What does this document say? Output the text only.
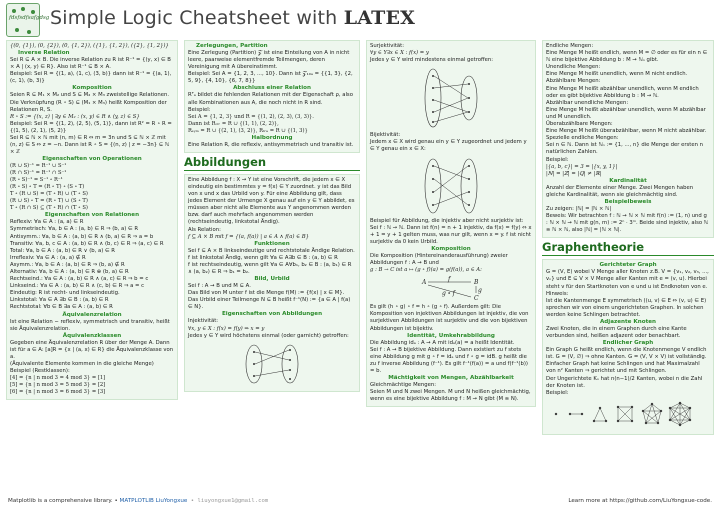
fdsfsdfsafgdsg Simple Logic Cheatsheet with LATEX

{(0, {1}), (0, {2}), (0, {1, 2}), ({1}, {1, 2}), ({2}, {1, 2})}

Inverse Relation

Sei R ⊆ A × B. Die inverse Relation zu R ist R⁻¹ = {(y, x) ∈ B × A | (x, y) ∈ R}. Also ist R⁻¹ ⊆ B × A.

Beispiel: Sei R = {(1, a), (1, c), (3, b)} dann ist R⁻¹ = {(a, 1), (c, 1), (b, 3)}

Komposition

Seien R ⊆ M₁ × M₂ und S ⊆ M₂ × M₃ zweistellige Relationen. Die Verknüpfung (R ∘ S) ⊆ (M₁ × M₃) heißt Komposition der Relationen R, S.

R ∘ S := {(x, z) | ∃y ∈ M₂ : (x, y) ∈ R ∧ (y, z) ∈ S}

Beispiel: Sei R = {(1, 2), (2, 5), (5, 1)}, dann ist R² = R ∘ R = {(1, 5), (2, 1), (5, 2)}

Sei R ⊆ ℕ × ℕ mit (n, m) ∈ R ⇔ m = 3n und S ⊆ ℕ × ℤ mit (n, z) ∈ S ⇔ z = −n. Dann ist R ∘ S = {(n, z) | z = −3n} ⊆ ℕ × ℤ

Eigenschaften von Operationen
(R ∪ S)⁻¹ = R⁻¹ ∪ S⁻¹
(R ∩ S)⁻¹ = R⁻¹ ∩ S⁻¹
(R ∘ S)⁻¹ = S⁻¹ ∘ R⁻¹
(R ∘ S) ∘ T = (R ∘ T) ∘ (S ∘ T)
T ∘ (R ∪ S) = (T ∘ R) ∪ (T ∘ S)
(R ∪ S) ∘ T = (R ∘ T) ∪ (S ∘ T)
T ∘ (R ∩ S) ⊆ (T ∘ R) ∩ (T ∘ S)
Eigenschaften von Relationen

Reflexiv: ∀a ∈ A : (a, a) ∈ R

Symmetrisch: ∀a, b ∈ A : (a, b) ∈ R ⇒ (b, a) ∈ R

Antisymm.: ∀a, b ∈ A : (a, b) ∈ R ∧ (b, a) ∈ R ⇒ a = b

Transitiv: ∀a, b, c ∈ A : (a, b) ∈ R ∧ (b, c) ∈ R ⇒ (a, c) ∈ R

Total: ∀a, b ∈ A : (a, b) ∈ R ∨ (b, a) ∈ R

Irreflexiv: ∀a ∈ A : (a, a) ∉ R

Asymm.: ∀a, b ∈ A : (a, b) ∈ R ⇒ (b, a) ∉ R

Alternativ: ∀a, b ∈ A : (a, b) ∈ R ⊕ (b, a) ∈ R

Rechtseind.: ∀a ∈ A : (a, b) ∈ R ∧ (a, c) ∈ R ⇒ b = c

Linkseind.: ∀a ∈ A : (a, b) ∈ R ∧ (c, b) ∈ R ⇒ a = c

Eindeutig: R ist recht- und linkseindeutig.

Linkstotal: ∀a ∈ A ∃b ∈ B : (a, b) ∈ R

Rechtstotal: ∀b ∈ B ∃a ∈ A : (a, b) ∈ R

Äquivalenzrelation

Ist eine Relation ∼ reflexiv, symmetrisch und transitiv, heißt sie Äquivalenzrelation.

Äquivalenzklassen

Gegeben eine Äquivalenzrelation R über der Menge A. Dann ist für a ∈ A: [a]R = {x | (a, x) ∈ R} die Äquivalenzklasse von a.

(Äquivalente Elemente kommen in die gleiche Menge)

Beispiel (Restklassen):

[4] = {n | n mod 3 = 4 mod 3} = [1]
[5] = {n | n mod 3 = 5 mod 3} = [2]
[6] = {n | n mod 3 = 6 mod 3} = [3]
Zerlegungen, Partition

Eine Zerlegung (Partition) 𝒵 ist eine Einteilung von A in nicht leere, paarweise elementfremde Teilmengen, deren Vereinigung mit A übereinstimmt.

Beispiel: Sei A = {1, 2, 3, ..., 10}. Dann ist 𝒵₁₀ₐ = {{1, 3}, {2, 5, 9}, {4, 10}, {6, 7, 8}}

Abschluss einer Relation

Rᴾₐ bildet die fehlenden Relationen mit der Eigenschaft ρ, also alle Kombinationen aus A, die noch nicht in R sind.

Beispiel:

Sei A = {1, 2, 3} und R = {(1, 2), (2, 3), (3, 3)}.
Dann ist Rᵢᵣᵣ = R ∪ {(1, 1), (2, 2)},
Rₛᵧₘ = R ∪ {(2, 1), (3, 2)}, Rₜᵣₐ = R ∪ {(1, 3)}
Halbordnung

Eine Relation R, die reflexiv, antisymmetrisch und transitiv ist.

Abbildungen

Eine Abbildung f : X → Y ist eine Vorschrift, die jedem x ∈ X eindeutig ein bestimmtes y = f(x) ∈ Y zuordnet. y ist das Bild von x und x das Urbild von y. Für eine Abbildung gilt, dass jedes Element der Urmenge X genau auf ein y ∈ Y abbildet, es müssen aber nicht alle Elemente aus Y angenommen werden bzw. darf auch mehrfach angenommen werden (rechtseindeutig, linkstotal Ändig).

Als Relation:

f ⊆ A × B mit f = {(a, f(a)) | a ∈ A ∧ f(a) ∈ B}

Funktionen

Sei f ⊆ A × B linkseindeutige und rechtstotale Ändige Relation.

f ist linkstotal Ändig, wenn gilt ∀a ∈ A∃b ∈ B : (a, b) ∈ R

f ist rechtseindeutig, wenn gilt ∀a ∈ A∀b₁, b₂ ∈ B : (a, b₁) ∈ R ∧ (a, b₂) ∈ R ⇒ b₁ = b₂.

Bild, Urbild

Sei f : A → B und M ⊆ A.

Das Bild von M unter f ist die Menge f(M) := {f(x) | x ∈ M}.

Das Urbild einer Teilmenge N ⊆ B heißt f⁻¹(N) := {a ∈ A | f(a) ∈ N}.

Eigenschaften von Abbildungen

Injektivität:

∀x, y ∈ X : f(x) = f(y) ⇒ x = y

Jedes y ∈ Y wird höchstens einmal (oder garnicht) getroffen:

Surjektivität:

∀y ∈ Y∃x ∈ X : f(x) = y

Jedes y ∈ Y wird mindestens einmal getroffen:

Bijektivität:

Jedem x ∈ X wird genau ein y ∈ Y zugeordnet und jedem y ∈ Y genau ein x ∈ X:

Beispiel für Abbildung, die injektiv aber nicht surjektiv ist: Sei f : ℕ → ℕ. Dann ist f(n) = n + 1 injektiv, da f(x) = f(y) ⇔ x + 1 = y + 1 gelten muss, was nur gilt, wenn x = y. f ist nicht surjektiv da 0 kein Urbild.

Komposition

Die Komposition (Hintereinanderausführung) zweier Abbildungen f : A → B und

g : B → C ist a ↦ (g ∘ f)(a) = g(f(a)), a ∈ A:

A	B
C
f
g ∘ f	g

Es gilt (h ∘ g) ∘ f = h ∘ (g ∘ f). Außerdem gilt: Die Komposition von injektiven Abbildungen ist injektiv, die von surjektiven Abbildungen ist surjektiv und die von bijektiven Abbildungen ist bijektiv.

Identität, Umkehrabbildung

Die Abbildung idₐ : A → A mit idₐ(a) = a heißt Identität.

Sei f : A → B bijektive Abbildung. Dann existiert zu f stets eine Abbildung g mit g ∘ f = idₐ und f ∘ g = idB. g heißt die zu f inverse Abbildung (f⁻¹). Es gilt f⁻¹(f(a)) = a und f(f⁻¹(b)) = b.

Mächtigkeit von Mengen, Abzählbarkeit

Gleichmächtige Mengen:

Seien M und N zwei Mengen. M und N heißen gleichmächtig, wenn es eine bijektive Abbildung f : M → N gibt (M ≅ N).

Endliche Mengen:

Eine Menge M heißt endlich, wenn M = ∅ oder es für ein n ∈ ℕ eine bijektive Abbildung b : M → ℕₙ gibt.

Unendliche Mengen:

Eine Menge M heißt unendlich, wenn M nicht endlich.

Abzählbare Mengen:

Eine Menge M heißt abzählbar unendlich, wenn M endlich oder es gibt bijektive Abbildung b : M → ℕ.

Abzählbar unendliche Mengen:

Eine Menge M heißt abzählbar unendlich, wenn M abzählbar und M unendlich.

Überabzählbare Mengen:

Eine Menge M heißt überabzählbar, wenn M nicht abzählbar.

Spezielle endliche Mengen:

Sei n ∈ ℕ. Dann ist ℕₙ := {1, ..., n} die Menge der ersten n natürlichen Zahlen.

Beispiel:

|{a, b, c}| = 3 = |{x, y, 1}|

|ℕ| = |ℤ| = |ℚ| ≠ |ℝ|

Kardinalität

Anzahl der Elemente einer Menge. Zwei Mengen haben gleiche Kardinalität, wenn sie gleichmächtig sind.

Beispielbeweis

Zu zeigen: |ℕ| = |ℕ × ℕ|

Beweis: Wir betrachten f : ℕ → ℕ × ℕ mit f(n) := (1, n) und g : ℕ × ℕ → ℕ mit g(n, m) := 2ⁿ · 3ᵐ. Beide sind injektiv, also ℕ ≅ ℕ × ℕ, also |ℕ| = |ℕ × ℕ|.

Graphentheorie
Gerichteter Graph

G = (V, E) wobei V Menge aller Knoten z.B. V = {v₁, v₂, v₃, ..., vₙ} und E ⊆ V × V Menge aller Kanten mit e = (v, u). Hierbei steht v für den Startknoten von e und u ist Endknoten von e.

Hinweis:

Ist die Kantenmenge E symmetrisch ((u, v) ∈ E ⇔ (v, u) ∈ E) sprechen wir von einem ungerichteten Graphen. In solchen werden keine Schlingen betrachtet.

Adjazente Knoten

Zwei Knoten, die in einem Graphen durch eine Kante verbunden sind, heißen adjazent oder benachbart.

Endlicher Graph

Ein Graph G heißt endlich, wenn die Knotenmenge V endlich ist. G = (V, ∅) ⇒ ohne Kanten. G = (V, V × V) ist vollständig. Einfacher Graph hat keine Schlingen und hat Maximalzahl von n² Kanten ⇒ gerichtet und mit Schlingen.

Der Ungerichtete Kₙ hat n(n−1)/2 Kanten, wobei n die Zahl der Knoten ist.

Beispiel:

Matplotlib is a comprehensive library. • MATPLOTLIB LiuYongxue • liuyongxue1@gmail.com	Learn more at https://github.com/LiuYongxue-code.
